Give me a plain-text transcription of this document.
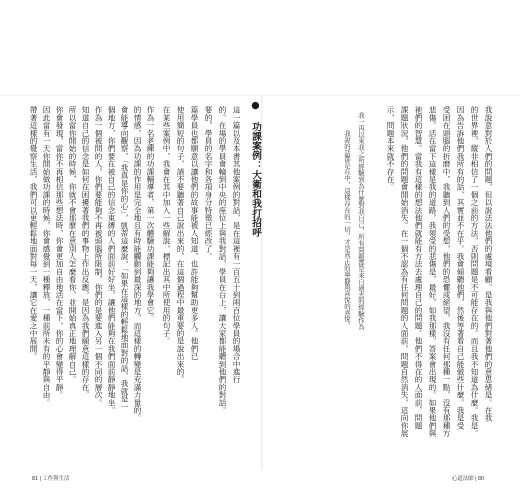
我說意對於人們的問題，但以說法法他們的處境看顧。是我與他們對著他們的意思緒是。在我
的世界裡，縱非相信了一個之前的方法，否則問題是不可能存在的。而且我不知道為什麼。我是。
因為告訴他們我所有的話，其實並不在乎。我會傾聽他們，然後等著看自己能做些什麼。我是受
受困在頭腦的折磨中，我聽到人們的受想，他們的恐懼或絕望，我沒有任何那種一點，沒有那種方
悲傷。活在當下這樣是我的道路，我領受的悲傷是，最好，如我那樣，答案會出現的。如果他們與
祂們的智慧。當我有這樣的想法他們就能有方法去處理自己的問題。他們不得在的人面前，問題
課題狀況，他們的問題會開始消失。在一個不認為有任何問題的人面前，問題自然消失，這向你展
示，問題本來就不存在。
我一再以來我之所經驗到為什麼對我自己，所有問題都是來自過去的經驗作為
我說的話都是在中，這樣存在的一切，才是真正的寧靜與喜悅的喜悅。
● 功課案例：大衛和我打招呼
這一篇以及本書其他案例的對話，是在這裡有一百五十到兩百位學員的場合中進行
的。在場的學員會輪到中央的座位上與我對話，學員在台上，讓大家都能聽到他們的對話。
要的，學員的名字和各項身分特徵已經改了。
篇學員也都願意以讓他們的故事能被人知道，也許能夠幫助更多人。他們已
使用簡短的句子，請不要聽著自己說出來的，在這個過程中最重要的是說出來的。
在某些案例中，我會在其中加入一些解說，標記出其中所使用的句子。
作為一名老練的功課輔導者，第一次體驗功課能夠讓我學會它。
的情感，因為功課的作用是完全地且有時能觸動到最深的地方，而這樣的轉變是充滿力量的。
會能導向觀察，「我真是你的心」，凱蒂這麼說，「如果在這樣的輕鬆地面對的話，我就是一
個地方，你們要在被自己的信念束縛的人們面前好好坐，讓他們能夠在我們面前靜靜地坐。
作為一個被問的人，你們要能夠不再被頭腦所限制，你們的是要進入另一個不同的層次。
知道自己的信念是如何在困擾著我們的事物上作出反應，是因為我們願意這樣的存在。
所以當你開始的時候，你就不會那麼在意別人怎麼看你，並開始真正地理解自己。
你會發現，當你不再相信那些想法時，你會更加自由地活在當下，你的心會變得平靜。
因此當有一天你開始做功課的時候，你會感覺到一種釋放，一種前所未有的平靜與自由。
帶著這樣的覺察生活，我們可以更輕鬆地面對每一天，讓它在愛之中展開。
81 | 工作與生活	心道法師 | 80
